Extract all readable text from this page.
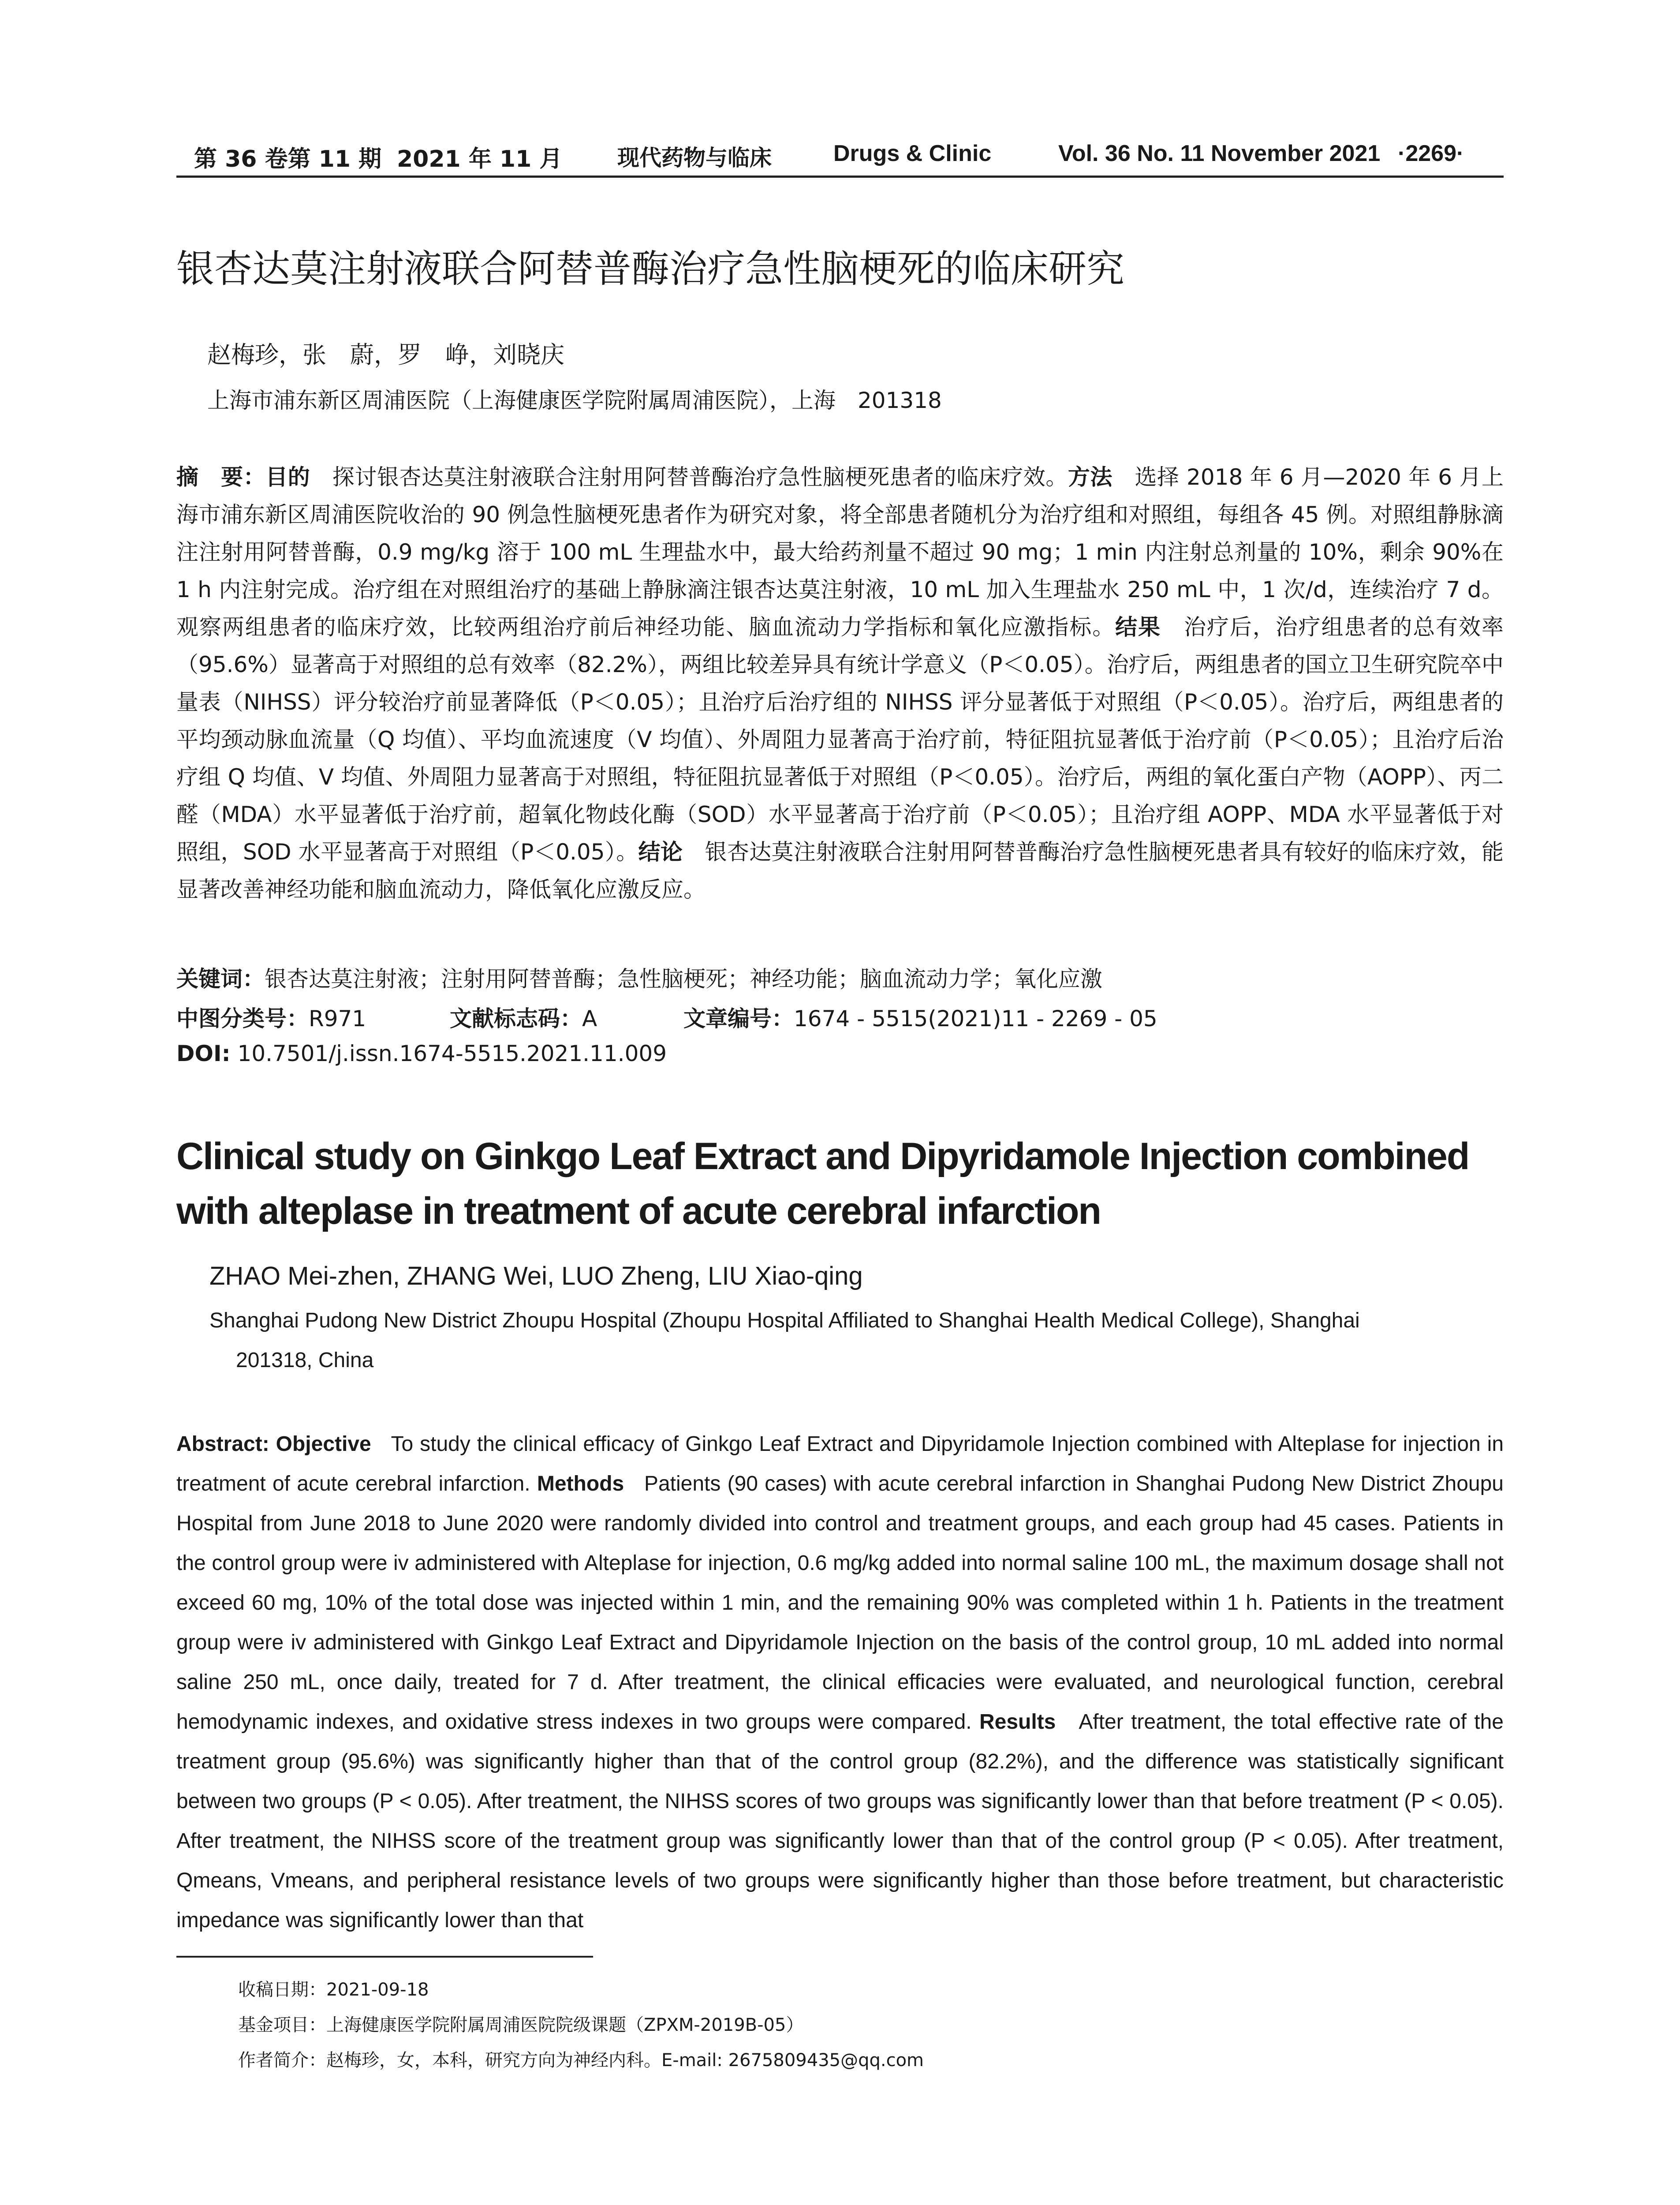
第 36 卷第 11 期 2021 年 11 月 现代药物与临床	Drugs & Clinic	Vol. 36 No. 11 November 2021 ·2269·
银杏达莫注射液联合阿替普酶治疗急性脑梗死的临床研究
赵梅珍，张　蔚，罗　峥，刘晓庆
上海市浦东新区周浦医院（上海健康医学院附属周浦医院），上海　201318
摘　要：目的　 探讨银杏达莫注射液联合注射用阿替普酶治疗急性脑梗死患者的临床疗效。方法　 选择 2018 年 6 月—2020 年 6 月上海市浦东新区周浦医院收治的 90 例急性脑梗死患者作为研究对象，将全部患者随机分为治疗组和对照组，每组各 45 例。对照组静脉滴注注射用阿替普酶，0.9 mg/kg 溶于 100 mL 生理盐水中，最大给药剂量不超过 90 mg；1 min 内注射总剂量的 10%，剩余 90%在 1 h 内注射完成。治疗组在对照组治疗的基础上静脉滴注银杏达莫注射液，10 mL 加入生理盐水 250 mL 中，1 次/d，连续治疗 7 d。观察两组患者的临床疗效，比较两组治疗前后神经功能、脑血流动力学指标和氧化应激指标。结果　 治疗后，治疗组患者的总有效率（95.6%）显著高于对照组的总有效率（82.2%），两组比较差异具有统计学意义（P＜0.05）。治疗后，两组患者的国立卫生研究院卒中量表（NIHSS）评分较治疗前显著降低（P＜0.05）；且治疗后治疗组的 NIHSS 评分显著低于对照组（P＜0.05）。治疗后，两组患者的平均颈动脉血流量（Q 均值）、平均血流速度（V 均值）、外周阻力显著高于治疗前，特征阻抗显著低于治疗前（P＜0.05）；且治疗后治疗组 Q 均值、V 均值、外周阻力显著高于对照组，特征阻抗显著低于对照组（P＜0.05）。治疗后，两组的氧化蛋白产物（AOPP）、丙二醛（MDA）水平显著低于治疗前，超氧化物歧化酶（SOD）水平显著高于治疗前（P＜0.05）；且治疗组 AOPP、MDA 水平显著低于对照组，SOD 水平显著高于对照组（P＜0.05）。结论　 银杏达莫注射液联合注射用阿替普酶治疗急性脑梗死患者具有较好的临床疗效，能显著改善神经功能和脑血流动力，降低氧化应激反应。
关键词：银杏达莫注射液；注射用阿替普酶；急性脑梗死；神经功能；脑血流动力学；氧化应激
中图分类号：R971	文献标志码：A	文章编号：1674 - 5515(2021)11 - 2269 - 05
DOI: 10.7501/j.issn.1674-5515.2021.11.009
Clinical study on Ginkgo Leaf Extract and Dipyridamole Injection combined with alteplase in treatment of acute cerebral infarction
ZHAO Mei-zhen, ZHANG Wei, LUO Zheng, LIU Xiao-qing
Shanghai Pudong New District Zhoupu Hospital (Zhoupu Hospital Affiliated to Shanghai Health Medical College), Shanghai
201318, China
Abstract: Objective To study the clinical efficacy of Ginkgo Leaf Extract and Dipyridamole Injection combined with Alteplase for injection in treatment of acute cerebral infarction. Methods Patients (90 cases) with acute cerebral infarction in Shanghai Pudong New District Zhoupu Hospital from June 2018 to June 2020 were randomly divided into control and treatment groups, and each group had 45 cases. Patients in the control group were iv administered with Alteplase for injection, 0.6 mg/kg added into normal saline 100 mL, the maximum dosage shall not exceed 60 mg, 10% of the total dose was injected within 1 min, and the remaining 90% was completed within 1 h. Patients in the treatment group were iv administered with Ginkgo Leaf Extract and Dipyridamole Injection on the basis of the control group, 10 mL added into normal saline 250 mL, once daily, treated for 7 d. After treatment, the clinical efficacies were evaluated, and neurological function, cerebral hemodynamic indexes, and oxidative stress indexes in two groups were compared. Results After treatment, the total effective rate of the treatment group (95.6%) was significantly higher than that of the control group (82.2%), and the difference was statistically significant between two groups (P < 0.05). After treatment, the NIHSS scores of two groups was significantly lower than that before treatment (P < 0.05). After treatment, the NIHSS score of the treatment group was significantly lower than that of the control group (P < 0.05). After treatment, Qmeans, Vmeans, and peripheral resistance levels of two groups were significantly higher than those before treatment, but characteristic impedance was significantly lower than that
收稿日期：2021-09-18
基金项目：上海健康医学院附属周浦医院院级课题（ZPXM-2019B-05）
作者简介：赵梅珍，女，本科，研究方向为神经内科。E-mail: 2675809435@qq.com
